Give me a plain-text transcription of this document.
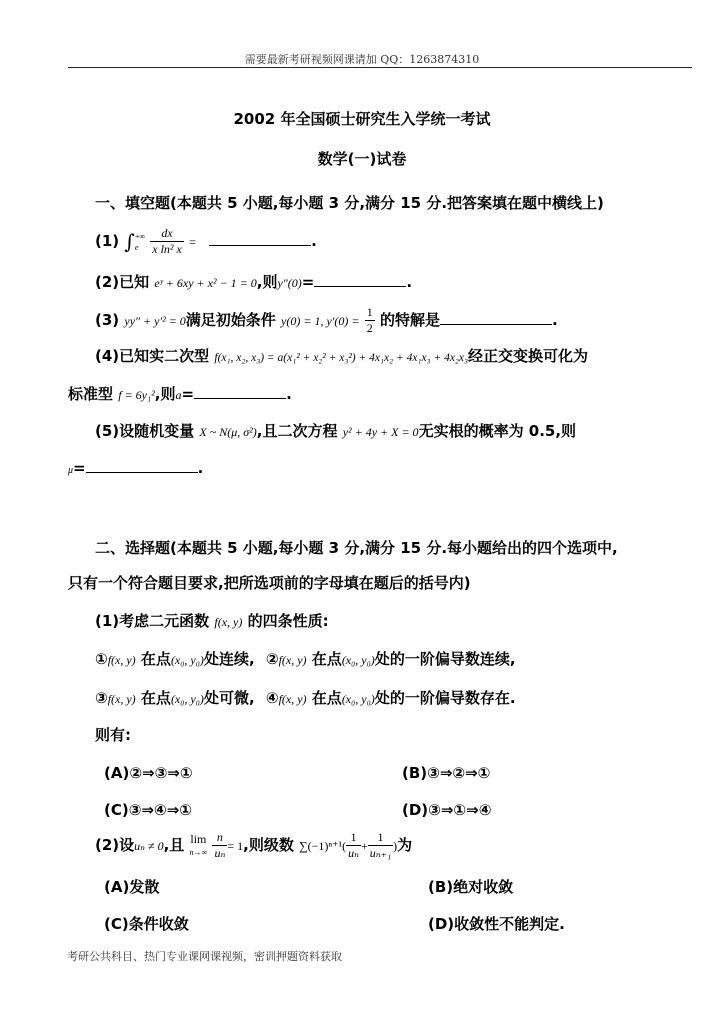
需要最新考研视频网课请加 QQ：1263874310
2002 年全国硕士研究生入学统一考试
数学(一)试卷
一、填空题(本题共 5 小题,每小题 3 分,满分 15 分.把答案填在题中横线上)
(1) ∫ +∞
e
$\frac{dx}{\text{x ln² x}}$ =	.
(2)已知 eʸ + 6xy + x² − 1 = 0,则y″(0)=	.
(3) yy″ + y′² = 0满足初始条件 y(0) = 1, $y'(0) = \frac{1}{2}$ 的特解是	.
(4)已知实二次型 f(x₁, x₂, x₃) = a(x₁² + x₂² + x₃²) + 4x₁x₂ + 4x₁x₃ + 4x₂x₃经正交变换可化为
标准型 f = 6y₁²,则a=	.
(5)设随机变量 X ~ N(μ, σ²),且二次方程 y² + 4y + X = 0无实根的概率为 0.5,则
μ=	.
二、选择题(本题共 5 小题,每小题 3 分,满分 15 分.每小题给出的四个选项中,
只有一个符合题目要求,把所选项前的字母填在题后的括号内)
(1)考虑二元函数 f(x, y) 的四条性质:
①f(x, y) 在点(x₀, y₀)处连续, ②f(x, y) 在点(x₀, y₀)处的一阶偏导数连续,
③f(x, y) 在点(x₀, y₀)处可微, ④f(x, y) 在点(x₀, y₀)处的一阶偏导数存在.
则有:
(A)②⇒③⇒①	(B)③⇒②⇒①
(C)③⇒④⇒①	(D)③⇒①⇒④
(2)设uₙ ≠ 0,且 lim
n→∞
$\frac{n}{\text{uₙ}} = 1$,则级数 $\sum(-1)^{n+1}( \frac{1}{\text{uₙ}} + \frac{1}{\text{uₙ₊₁}}$ )为
(A)发散	(B)绝对收敛
(C)条件收敛	(D)收敛性不能判定.
考研公共科目、热门专业课网课视频，密训押题资料获取
